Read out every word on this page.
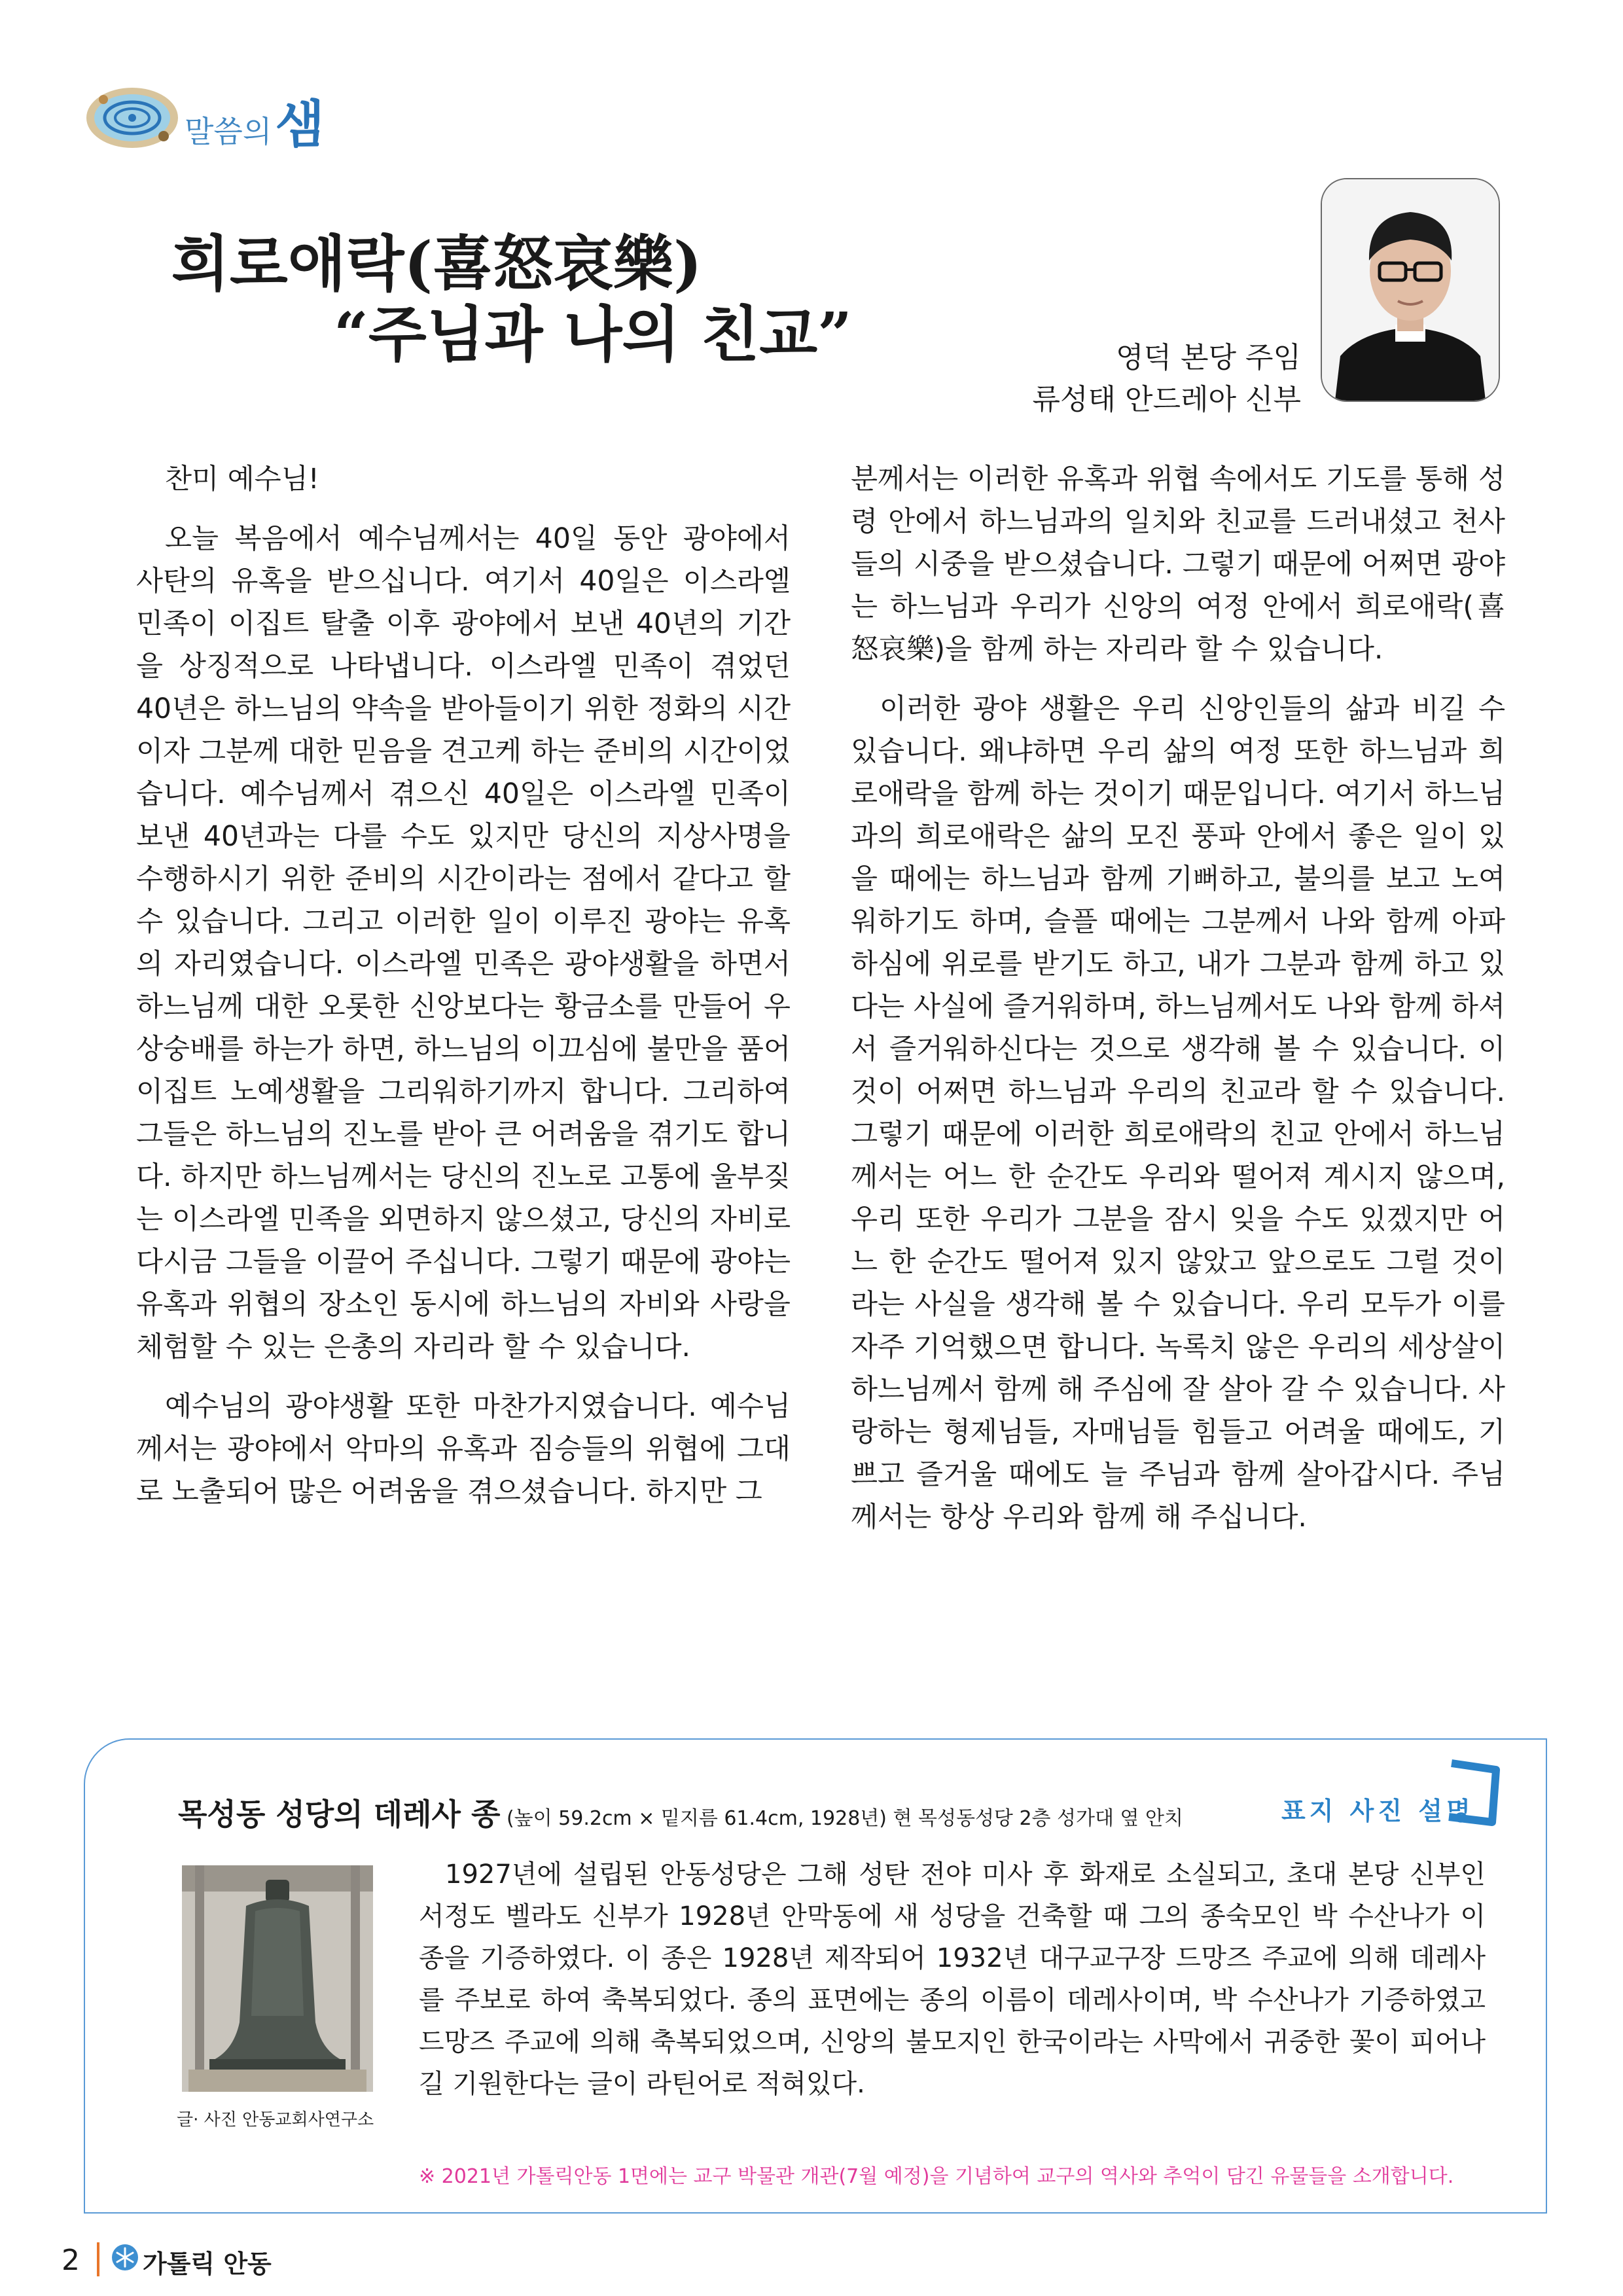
말씀의 샘
희로애락(喜怒哀樂)
“주님과 나의 친교”	영덕 본당 주임
류성태 안드레아 신부

찬미 예수님!

오늘 복음에서 예수님께서는 40일 동안 광야에서 사탄의 유혹을 받으십니다. 여기서 40일은 이스라엘 민족이 이집트 탈출 이후 광야에서 보낸 40년의 기간을 상징적으로 나타냅니다. 이스라엘 민족이 겪었던 40년은 하느님의 약속을 받아들이기 위한 정화의 시간이자 그분께 대한 믿음을 견고케 하는 준비의 시간이었습니다. 예수님께서 겪으신 40일은 이스라엘 민족이 보낸 40년과는 다를 수도 있지만 당신의 지상사명을 수행하시기 위한 준비의 시간이라는 점에서 같다고 할 수 있습니다. 그리고 이러한 일이 이루진 광야는 유혹의 자리였습니다. 이스라엘 민족은 광야생활을 하면서 하느님께 대한 오롯한 신앙보다는 황금소를 만들어 우상숭배를 하는가 하면, 하느님의 이끄심에 불만을 품어 이집트 노예생활을 그리워하기까지 합니다. 그리하여 그들은 하느님의 진노를 받아 큰 어려움을 겪기도 합니다. 하지만 하느님께서는 당신의 진노로 고통에 울부짖는 이스라엘 민족을 외면하지 않으셨고, 당신의 자비로 다시금 그들을 이끌어 주십니다. 그렇기 때문에 광야는 유혹과 위협의 장소인 동시에 하느님의 자비와 사랑을 체험할 수 있는 은총의 자리라 할 수 있습니다.

예수님의 광야생활 또한 마찬가지였습니다. 예수님께서는 광야에서 악마의 유혹과 짐승들의 위협에 그대로 노출되어 많은 어려움을 겪으셨습니다. 하지만 그

분께서는 이러한 유혹과 위협 속에서도 기도를 통해 성령 안에서 하느님과의 일치와 친교를 드러내셨고 천사들의 시중을 받으셨습니다. 그렇기 때문에 어쩌면 광야는 하느님과 우리가 신앙의 여정 안에서 희로애락(喜怒哀樂)을 함께 하는 자리라 할 수 있습니다.

이러한 광야 생활은 우리 신앙인들의 삶과 비길 수 있습니다. 왜냐하면 우리 삶의 여정 또한 하느님과 희로애락을 함께 하는 것이기 때문입니다. 여기서 하느님과의 희로애락은 삶의 모진 풍파 안에서 좋은 일이 있을 때에는 하느님과 함께 기뻐하고, 불의를 보고 노여워하기도 하며, 슬플 때에는 그분께서 나와 함께 아파하심에 위로를 받기도 하고, 내가 그분과 함께 하고 있다는 사실에 즐거워하며, 하느님께서도 나와 함께 하셔서 즐거워하신다는 것으로 생각해 볼 수 있습니다. 이것이 어쩌면 하느님과 우리의 친교라 할 수 있습니다. 그렇기 때문에 이러한 희로애락의 친교 안에서 하느님께서는 어느 한 순간도 우리와 떨어져 계시지 않으며, 우리 또한 우리가 그분을 잠시 잊을 수도 있겠지만 어느 한 순간도 떨어져 있지 않았고 앞으로도 그럴 것이라는 사실을 생각해 볼 수 있습니다. 우리 모두가 이를 자주 기억했으면 합니다. 녹록치 않은 우리의 세상살이 하느님께서 함께 해 주심에 잘 살아 갈 수 있습니다. 사랑하는 형제님들, 자매님들 힘들고 어려울 때에도, 기쁘고 즐거울 때에도 늘 주님과 함께 살아갑시다. 주님께서는 항상 우리와 함께 해 주십니다.

목성동 성당의 데레사 종 (높이 59.2cm × 밑지름 61.4cm, 1928년) 현 목성동성당 2층 성가대 옆 안치	표지 사진 설명
글· 사진 안동교회사연구소

1927년에 설립된 안동성당은 그해 성탄 전야 미사 후 화재로 소실되고, 초대 본당 신부인 서정도 벨라도 신부가 1928년 안막동에 새 성당을 건축할 때 그의 종숙모인 박 수산나가 이 종을 기증하였다. 이 종은 1928년 제작되어 1932년 대구교구장 드망즈 주교에 의해 데레사를 주보로 하여 축복되었다. 종의 표면에는 종의 이름이 데레사이며, 박 수산나가 기증하였고 드망즈 주교에 의해 축복되었으며, 신앙의 불모지인 한국이라는 사막에서 귀중한 꽃이 피어나길 기원한다는 글이 라틴어로 적혀있다.

※ 2021년 가톨릭안동 1면에는 교구 박물관 개관(7월 예정)을 기념하여 교구의 역사와 추억이 담긴 유물들을 소개합니다.
2	가톨릭 안동
